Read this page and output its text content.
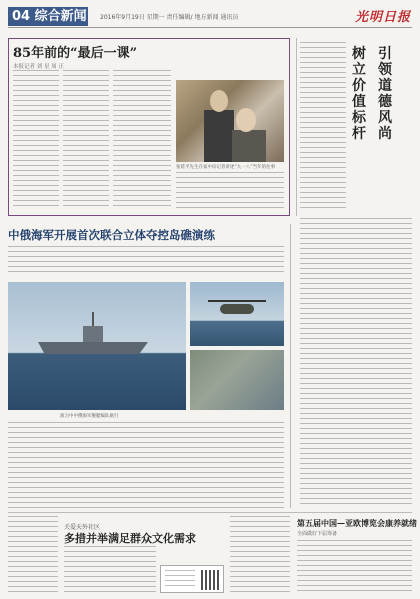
04 综合新闻 2016年9月19日 星期一 责任编辑/ 地方新闻 通讯员	光明日报
85年前的“最后一课”
本报记者 刘 星 周 正
张延平先生在家中向记者讲述“九一八”当年的往事
树立价值标杆
引领道德风尚
中俄海军开展首次联合立体夺控岛礁演练
演习中中俄海军舰艇编队航行
关爱天外社区
多措并举满足群众文化需求
第五届中国—亚欧博览会康养就绪
全面做好下届筹备
